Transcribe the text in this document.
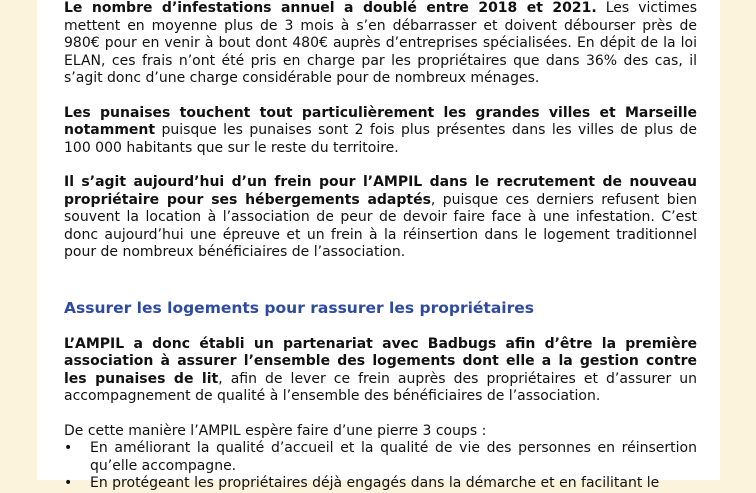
Le nombre d’infestations annuel a doublé entre 2018 et 2021. Les victimes mettent en moyenne plus de 3 mois à s’en débarrasser et doivent débourser près de 980€ pour en venir à bout dont 480€ auprès d’entreprises spécialisées. En dépit de la loi ELAN, ces frais n’ont été pris en charge par les propriétaires que dans 36% des cas, il s’agit donc d’une charge considérable pour de nombreux ménages.

Les punaises touchent tout particulièrement les grandes villes et Marseille notamment puisque les punaises sont 2 fois plus présentes dans les villes de plus de 100 000 habitants que sur le reste du territoire.

Il s’agit aujourd’hui d’un frein pour l’AMPIL dans le recrutement de nouveau propriétaire pour ses hébergements adaptés, puisque ces derniers refusent bien souvent la location à l’association de peur de devoir faire face à une infestation. C’est donc aujourd’hui une épreuve et un frein à la réinsertion dans le logement traditionnel pour de nombreux bénéficiaires de l’association.

Assurer les logements pour rassurer les propriétaires

L’AMPIL a donc établi un partenariat avec Badbugs afin d’être la première association à assurer l’ensemble des logements dont elle a la gestion contre les punaises de lit, afin de lever ce frein auprès des propriétaires et d’assurer un accompagnement de qualité à l’ensemble des bénéficiaires de l’association.

De cette manière l’AMPIL espère faire d’une pierre 3 coups :

• En améliorant la qualité d’accueil et la qualité de vie des personnes en réinsertion qu’elle accompagne.
• En protégeant les propriétaires déjà engagés dans la démarche et en facilitant le
